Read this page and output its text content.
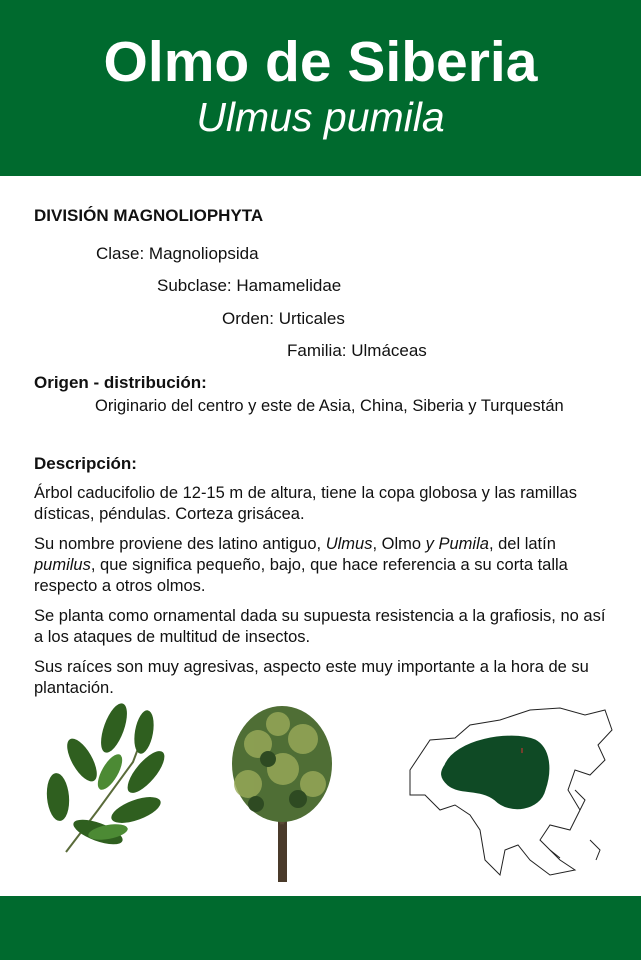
Olmo de Siberia
Ulmus pumila
DIVISIÓN MAGNOLIOPHYTA
Clase: Magnoliopsida
Subclase: Hamamelidae
Orden: Urticales
Familia: Ulmáceas
Origen - distribución:
Originario del centro y este de Asia, China, Siberia y Turquestán
Descripción:
Árbol caducifolio de 12-15 m de altura, tiene la copa globosa y las ramillas dísticas, péndulas. Corteza grisácea.
Su nombre proviene des latino antiguo, Ulmus, Olmo y Pumila, del latín pumilus, que significa pequeño, bajo, que hace referencia a su corta talla respecto a otros olmos.
Se planta como ornamental dada su supuesta resistencia a la grafiosis, no así a los ataques de multitud de insectos.
Sus raíces son muy agresivas, aspecto este muy importante a la hora de su plantación.
